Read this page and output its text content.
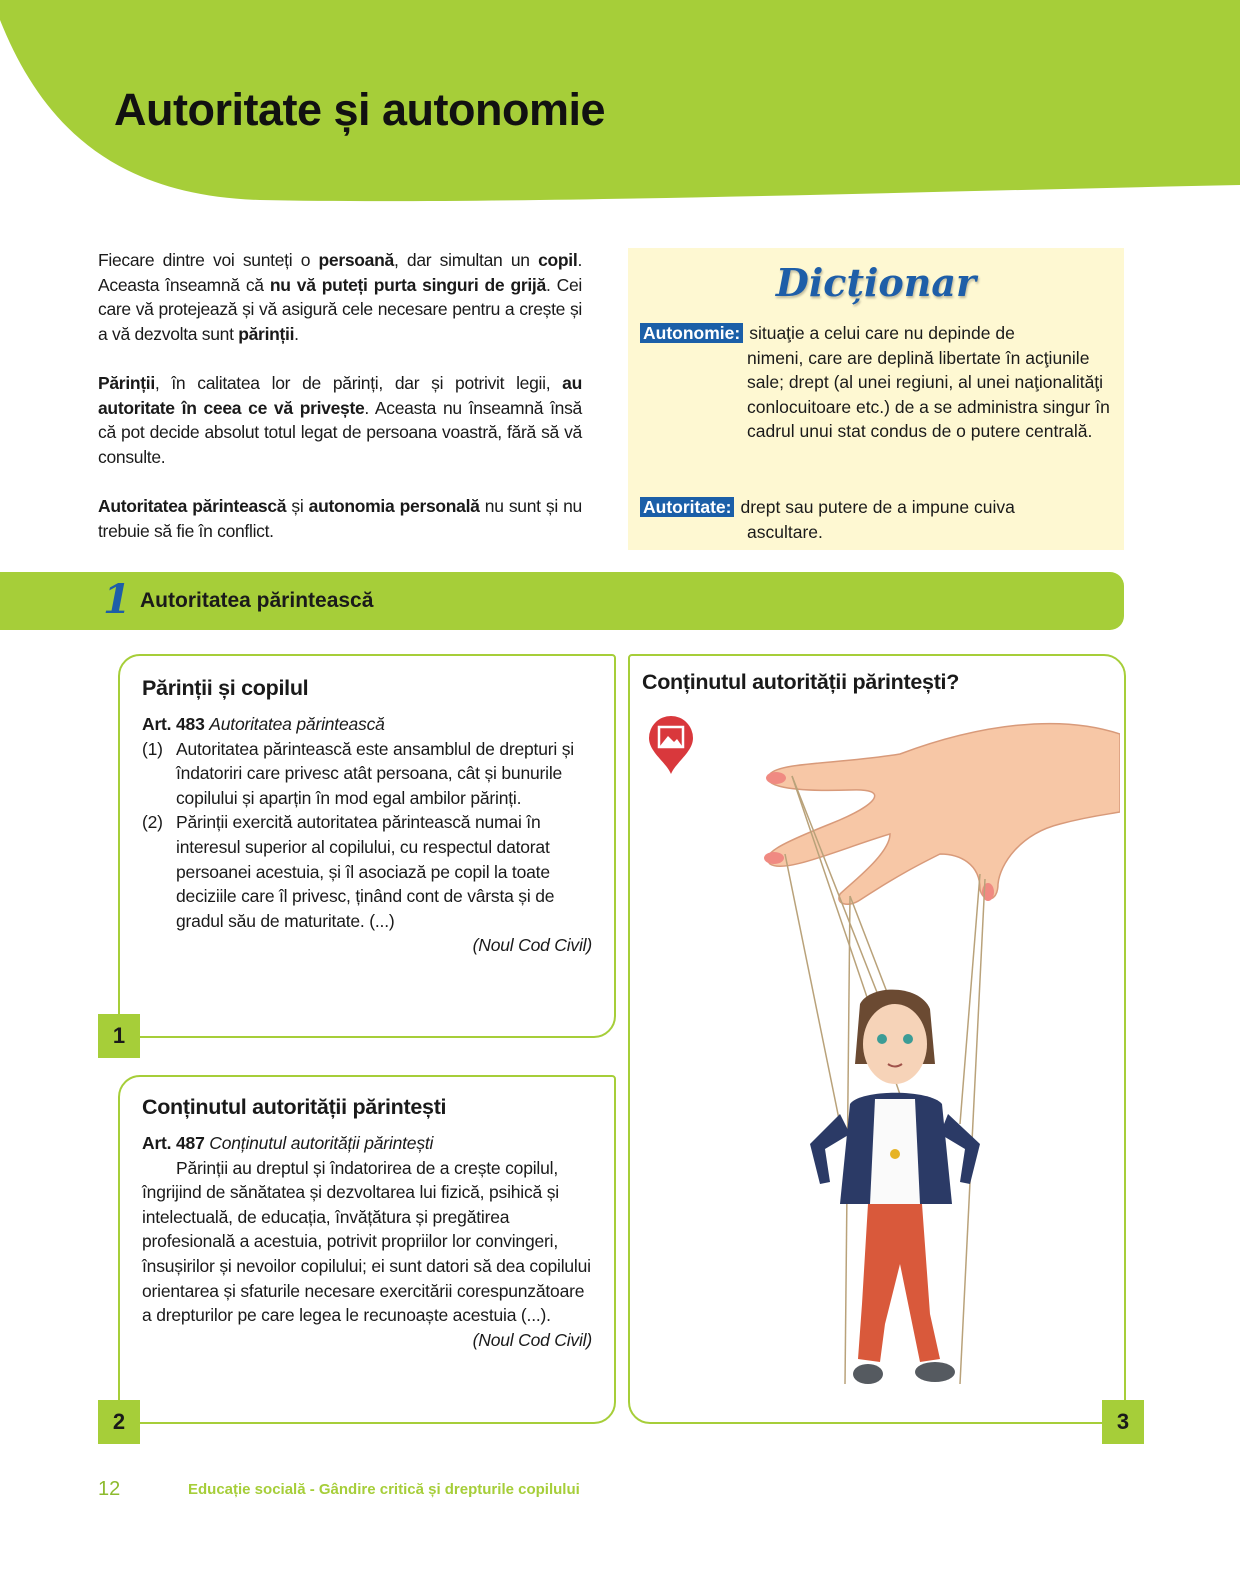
Autoritate și autonomie

Fiecare dintre voi sunteți o persoană, dar simultan un copil. Aceasta înseamnă că nu vă puteți purta singuri de grijă. Cei care vă protejează și vă asigură cele necesare pentru a crește și a vă dezvolta sunt părinții.

Părinții, în calitatea lor de părinți, dar și potrivit legii, au autoritate în ceea ce vă privește. Aceasta nu înseamnă însă că pot decide absolut totul legat de persoana voastră, fără să vă consulte.

Autoritatea părintească și autonomia personală nu sunt și nu trebuie să fie în conflict.

Dicționar
Autonomie: situaţie a celui care nu depinde de
nimeni, care are deplină libertate în acţiunile sale; drept (al unei regiuni, al unei naţionalităţi conlocuitoare etc.) de a se administra singur în cadrul unui stat condus de o putere centrală.
Autoritate: drept sau putere de a impune cuiva
ascultare.
1 Autoritatea părintească
Părinții și copilul
Art. 483 Autoritatea părintească
(1) Autoritatea părintească este ansamblul de drepturi și îndatoriri care privesc atât persoana, cât și bunurile copilului și aparțin în mod egal ambilor părinți.
(2) Părinții exercită autoritatea părintească numai în interesul superior al copilului, cu respectul datorat persoanei acestuia, și îl asociază pe copil la toate deciziile care îl privesc, ținând cont de vârsta și de gradul său de maturitate. (...)
(Noul Cod Civil)
1
Conținutul autorității părintești
Art. 487 Conținutul autorității părintești
Părinții au dreptul și îndatorirea de a crește copilul, îngrijind de sănătatea și dezvoltarea lui fizică, psihică și intelectuală, de educația, învățătura și pregătirea profesională a acestuia, potrivit propriilor lor convingeri, însușirilor și nevoilor copilului; ei sunt datori să dea copilului orientarea și sfaturile necesare exercitării corespunzătoare a drepturilor pe care legea le recunoaște acestuia (...).
(Noul Cod Civil)
2
Conținutul autorității părintești?
3
12	Educație socială - Gândire critică și drepturile copilului
